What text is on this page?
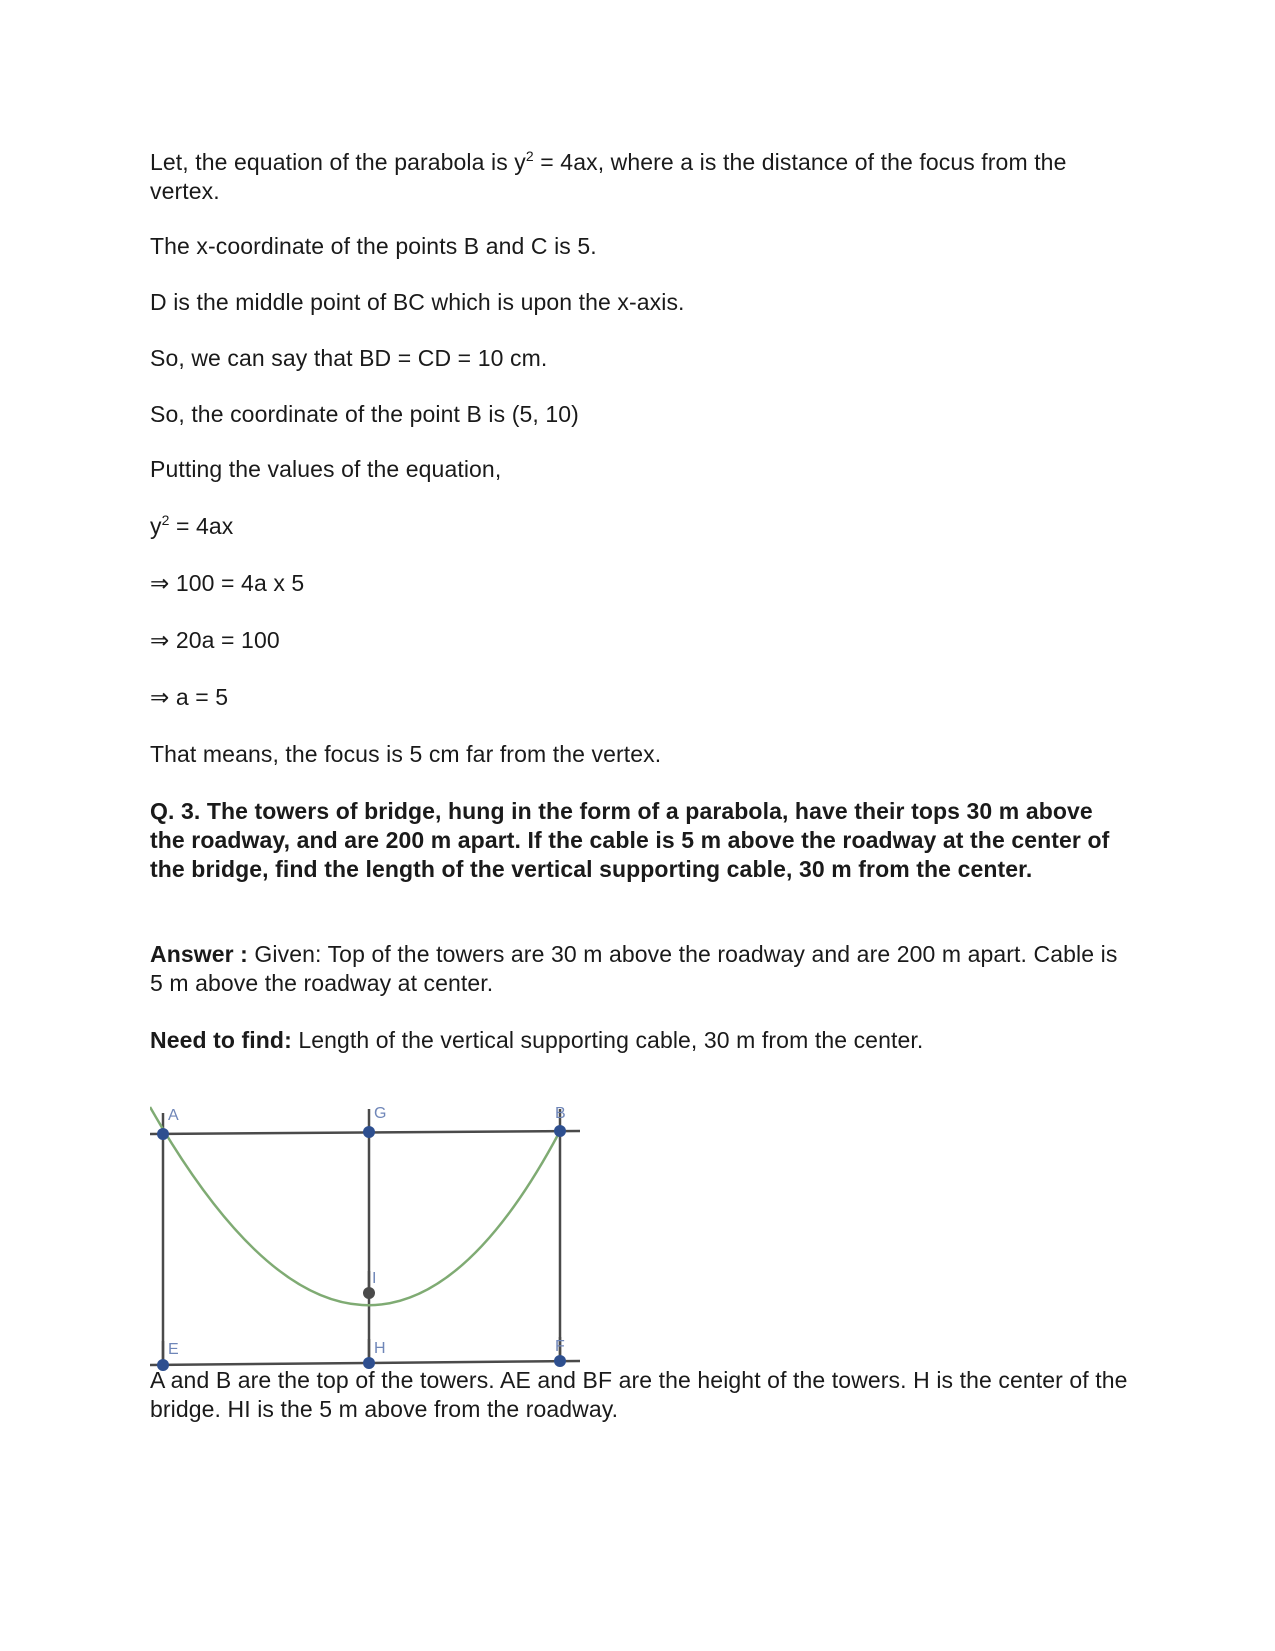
Let, the equation of the parabola is $y^2 = 4ax$, where a is the distance of the focus from the vertex.

The x-coordinate of the points B and C is 5.

D is the middle point of BC which is upon the x-axis.

So, we can say that BD = CD = 10 cm.

So, the coordinate of the point B is (5, 10)

Putting the values of the equation,

$y^2 = 4ax$

⇒ 100 = 4a x 5

⇒ 20a = 100

⇒ a = 5

That means, the focus is 5 cm far from the vertex.

Q. 3. The towers of bridge, hung in the form of a parabola, have their tops 30 m above the roadway, and are 200 m apart. If the cable is 5 m above the roadway at the center of the bridge, find the length of the vertical supporting cable, 30 m from the center.

Answer : Given: Top of the towers are 30 m above the roadway and are 200 m apart. Cable is 5 m above the roadway at center.

Need to find: Length of the vertical supporting cable, 30 m from the center.

A	G	B
I
E	H	F

A and B are the top of the towers. AE and BF are the height of the towers. H is the center of the bridge. HI is the 5 m above from the roadway.
